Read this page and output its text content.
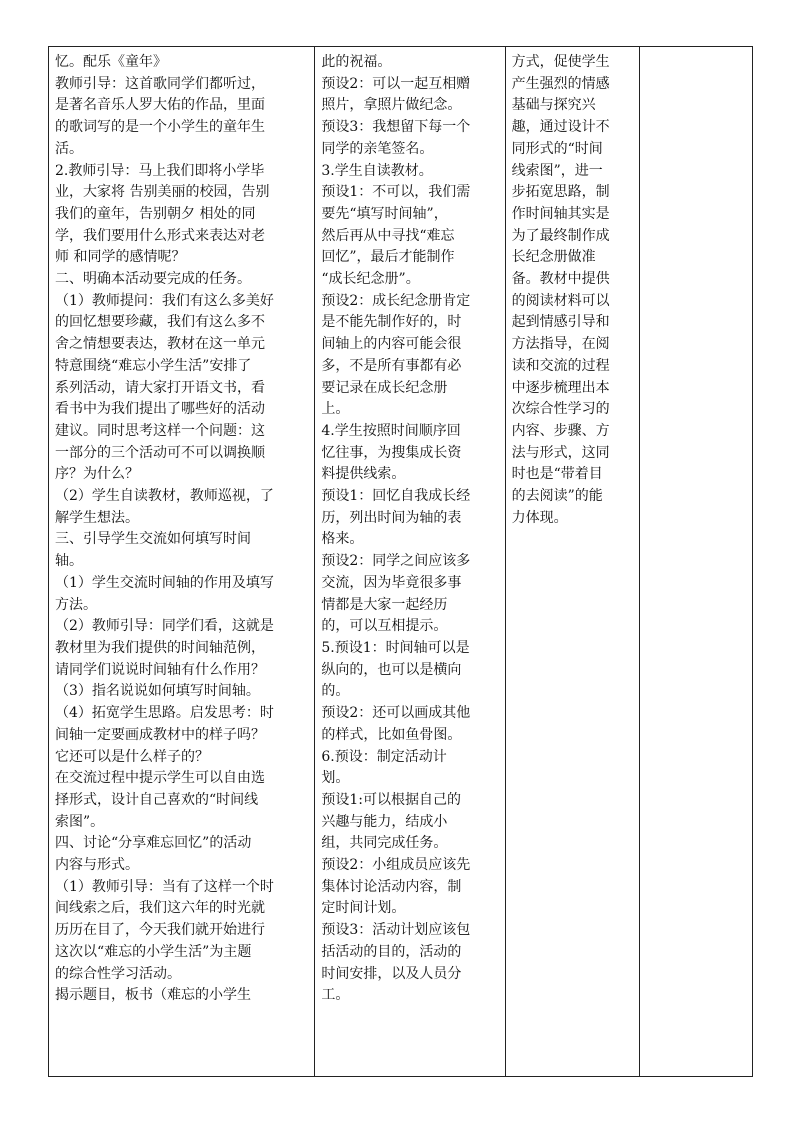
忆。配乐《童年》
教师引导：这首歌同学们都听过，
是著名音乐人罗大佑的作品，里面
的歌词写的是一个小学生的童年生
活。
2.教师引导：马上我们即将小学毕
业，大家将 告别美丽的校园，告别
我们的童年，告别朝夕 相处的同
学，我们要用什么形式来表达对老
师 和同学的感情呢？
二、明确本活动要完成的任务。
（1）教师提问：我们有这么多美好
的回忆想要珍藏，我们有这么多不
舍之情想要表达，教材在这一单元
特意围绕“难忘小学生活”安排了
系列活动，请大家打开语文书，看
看书中为我们提出了哪些好的活动
建议。同时思考这样一个问题：这
一部分的三个活动可不可以调换顺
序？为什么？
（2）学生自读教材，教师巡视，了
解学生想法。
三、引导学生交流如何填写时间
轴。
（1）学生交流时间轴的作用及填写
方法。
（2）教师引导：同学们看，这就是
教材里为我们提供的时间轴范例，
请同学们说说时间轴有什么作用？
（3）指名说说如何填写时间轴。
（4）拓宽学生思路。启发思考：时
间轴一定要画成教材中的样子吗？
它还可以是什么样子的？
在交流过程中提示学生可以自由选
择形式，设计自己喜欢的“时间线
索图”。
四、讨论“分享难忘回忆”的活动
内容与形式。
（1）教师引导：当有了这样一个时
间线索之后，我们这六年的时光就
历历在目了，今天我们就开始进行
这次以“难忘的小学生活”为主题
的综合性学习活动。
揭示题目，板书（难忘的小学生

此的祝福。
预设2：可以一起互相赠
照片，拿照片做纪念。
预设3：我想留下每一个
同学的亲笔签名。
3.学生自读教材。
预设1：不可以，我们需
要先“填写时间轴”，
然后再从中寻找“难忘
回忆”，最后才能制作
“成长纪念册”。
预设2：成长纪念册肯定
是不能先制作好的，时
间轴上的内容可能会很
多，不是所有事都有必
要记录在成长纪念册
上。
4.学生按照时间顺序回
忆往事，为搜集成长资
料提供线索。
预设1：回忆自我成长经
历，列出时间为轴的表
格来。
预设2：同学之间应该多
交流，因为毕竟很多事
情都是大家一起经历
的，可以互相提示。
5.预设1：时间轴可以是
纵向的，也可以是横向
的。
预设2：还可以画成其他
的样式，比如鱼骨图。
6.预设：制定活动计
划。
预设1:可以根据自己的
兴趣与能力，结成小
组，共同完成任务。
预设2：小组成员应该先
集体讨论活动内容，制
定时间计划。
预设3：活动计划应该包
括活动的目的，活动的
时间安排，以及人员分
工。

方式，促使学生
产生强烈的情感
基础与探究兴
趣，通过设计不
同形式的“时间
线索图”，进一
步拓宽思路，制
作时间轴其实是
为了最终制作成
长纪念册做准
备。教材中提供
的阅读材料可以
起到情感引导和
方法指导，在阅
读和交流的过程
中逐步梳理出本
次综合性学习的
内容、步骤、方
法与形式，这同
时也是“带着目
的去阅读”的能
力体现。
